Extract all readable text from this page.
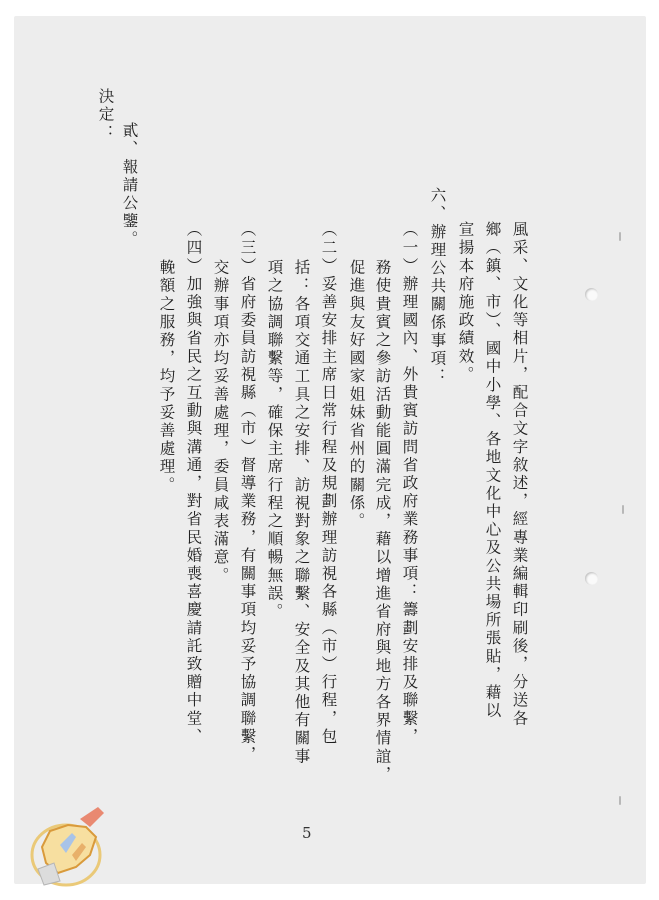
決定：
貳、報請公鑒。
六、辦理公共關係事項：
（一）辦理國內、外貴賓訪問省政府業務事項：籌劃安排及聯繫，
務使貴賓之參訪活動能圓滿完成，藉以增進省府與地方各界情誼，
促進與友好國家姐妹省州的關係。
（二）妥善安排主席日常行程及規劃辦理訪視各縣（市）行程，包
括：各項交通工具之安排、訪視對象之聯繫、安全及其他有關事
項之協調聯繫等，確保主席行程之順暢無誤。
（三）省府委員訪視縣（市）督導業務，有關事項均妥予協調聯繫，
交辦事項亦均妥善處理，委員咸表滿意。
（四）加強與省民之互動與溝通，對省民婚喪喜慶請託致贈中堂、
輓額之服務，均予妥善處理。	風采、文化等相片，配合文字敘述，經專業編輯印刷後，分送各
鄉（鎮、市）、國中小學、各地文化中心及公共場所張貼，藉以
宣揚本府施政績效。
5
